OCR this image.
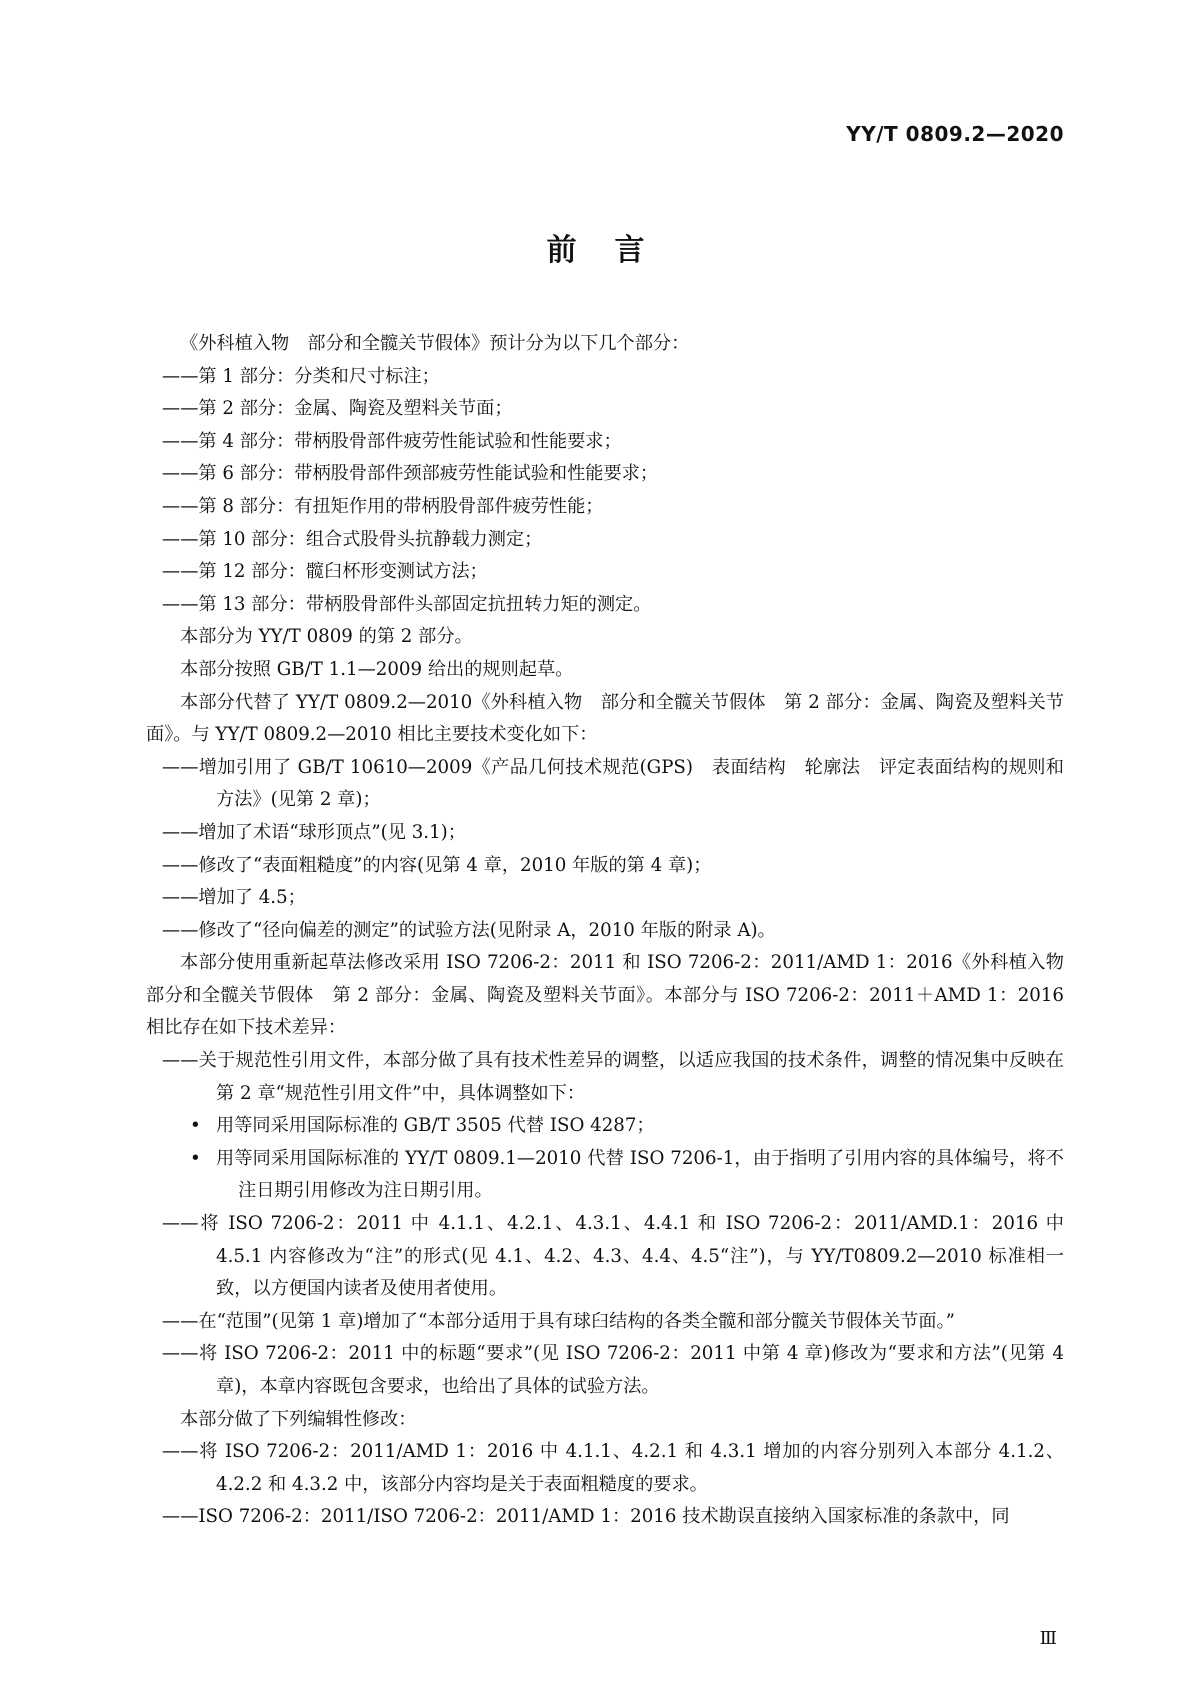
YY/T 0809.2—2020
前言

《外科植入物　部分和全髋关节假体》预计分为以下几个部分：

——第 1 部分：分类和尺寸标注；

——第 2 部分：金属、陶瓷及塑料关节面；

——第 4 部分：带柄股骨部件疲劳性能试验和性能要求；

——第 6 部分：带柄股骨部件颈部疲劳性能试验和性能要求；

——第 8 部分：有扭矩作用的带柄股骨部件疲劳性能；

——第 10 部分：组合式股骨头抗静载力测定；

——第 12 部分：髋臼杯形变测试方法；

——第 13 部分：带柄股骨部件头部固定抗扭转力矩的测定。

本部分为 YY/T 0809 的第 2 部分。

本部分按照 GB/T 1.1—2009 给出的规则起草。

本部分代替了 YY/T 0809.2—2010《外科植入物　部分和全髋关节假体　第 2 部分：金属、陶瓷及塑料关节面》。与 YY/T 0809.2—2010 相比主要技术变化如下：

——增加引用了 GB/T 10610—2009《产品几何技术规范(GPS)　表面结构　轮廓法　评定表面结构的规则和方法》(见第 2 章)；

——增加了术语“球形顶点”(见 3.1)；

——修改了“表面粗糙度”的内容(见第 4 章，2010 年版的第 4 章)；

——增加了 4.5；

——修改了“径向偏差的测定”的试验方法(见附录 A，2010 年版的附录 A)。

本部分使用重新起草法修改采用 ISO 7206-2：2011 和 ISO 7206-2：2011/AMD 1：2016《外科植入物　部分和全髋关节假体　第 2 部分：金属、陶瓷及塑料关节面》。本部分与 ISO 7206-2：2011＋AMD 1：2016 相比存在如下技术差异：

——关于规范性引用文件，本部分做了具有技术性差异的调整，以适应我国的技术条件，调整的情况集中反映在第 2 章“规范性引用文件”中，具体调整如下：

• 用等同采用国际标准的 GB/T 3505 代替 ISO 4287；

• 用等同采用国际标准的 YY/T 0809.1—2010 代替 ISO 7206-1，由于指明了引用内容的具体编号，将不注日期引用修改为注日期引用。

——将 ISO 7206-2：2011 中 4.1.1、4.2.1、4.3.1、4.4.1 和 ISO 7206-2：2011/AMD.1：2016 中 4.5.1 内容修改为“注”的形式(见 4.1、4.2、4.3、4.4、4.5“注”)，与 YY/T0809.2—2010 标准相一致，以方便国内读者及使用者使用。

——在“范围”(见第 1 章)增加了“本部分适用于具有球臼结构的各类全髋和部分髋关节假体关节面。”

——将 ISO 7206-2：2011 中的标题“要求”(见 ISO 7206-2：2011 中第 4 章)修改为“要求和方法”(见第 4 章)，本章内容既包含要求，也给出了具体的试验方法。

本部分做了下列编辑性修改：

——将 ISO 7206-2：2011/AMD 1：2016 中 4.1.1、4.2.1 和 4.3.1 增加的内容分别列入本部分 4.1.2、4.2.2 和 4.3.2 中，该部分内容均是关于表面粗糙度的要求。

——ISO 7206-2：2011/ISO 7206-2：2011/AMD 1：2016 技术勘误直接纳入国家标准的条款中，同

Ⅲ
